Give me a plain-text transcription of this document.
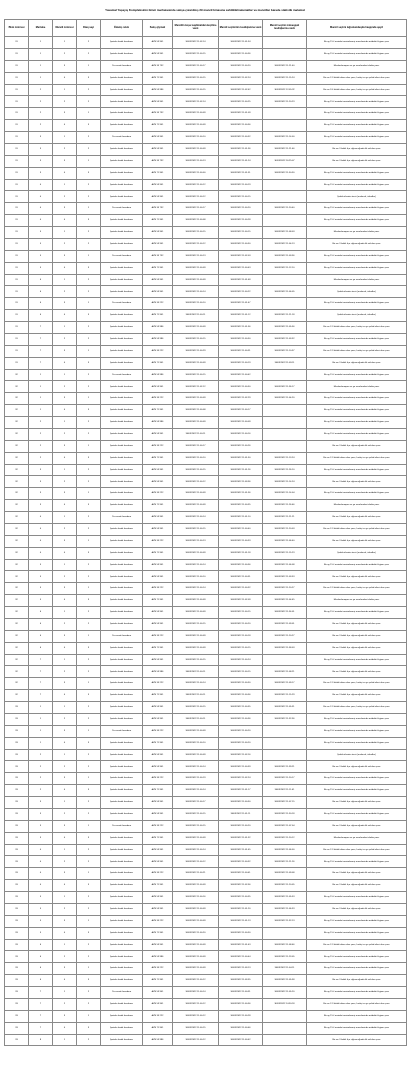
Yasamal Yaşayış Kompleksinin ikinci mərhələsində satışa çıxarılmış 29 mənzil binasına sahiblik/məlumatlar və mənzillər barədə statistik məlumat
Blok nömrəsi	Mərtəbə	Mənzil nömrəsi	Otaq sayı	Ödəniş növü	Satış qiyməti	Mənzilin koşa təqdimatdan keçilmə vaxtı	Mənzil seçiminin təsdiqlənmə vaxtı	Mənzil seçimi müvəqqəti təsdiqlənmə vaxtı	Mənzil seçimi ləğvolunduqda haqqında qeyd
31	1	1	2	İpoteka kredit hesabına	AZN 53 941	30/03/2022 11:02:14	30/03/2022 11:01:34		Bir ay 15 il ərzində tənzimlənmiş məsələsində müddəti ilişiyan şəxs
31	1	2	2	İpoteka kredit hesabına	AZN 53 941	30/03/2022 11:00:15	30/03/2022 11:00:36		Bir ay 15 il ərzində tənzimlənmiş məsələsində müddəti ilişiyan şəxs
31	1	3	1	Öz vəsaiti hesabına	AZN 35 732	30/03/2022 11:00:17	30/03/2022 11:00:20	30/03/2022 11:21:40	Mezlum/məqam və ya əvəzləndən tələbin pass
31	1	4	3	İpoteka kredit hesabına	AZN 71 941	30/03/2022 11:00:15	30/03/2022 11:02:24	30/03/2022 11:15:24	Bir azı 2-3 faktik təkinə olan şəxs, hərbçi və ya şəhid ailəsi olan şəxs
31	2	1	2	İpoteka kredit hesabına	AZN 53 986	30/03/2022 11:00:15	30/03/2022 11:02:42	30/03/2022 12:05:32	Bir azı 3-4 faktik təkinə olan şəxs, hərbçi və ya şəhid ailəsi olan şəxs
31	2	2	2	İpoteka kredit hesabına	AZN 53 941	30/03/2022 11:02:14	30/03/2022 11:00:25	30/03/2022 11:20:23	Bir ay 15 il ərzində tənzimlənmiş məsələsində müddəti ilişiyan şəxs
31	2	3	1	İpoteka kredit hesabına	AZN 35 732	30/03/2022 11:00:09	30/03/2022 11:01:09		Bir ay 15 il ərzində tənzimlənmiş məsələsində müddəti ilişiyan şəxs
31	2	4	3	İpoteka kredit hesabına	AZN 71 941	30/03/2022 11:00:09	30/03/2022 11:00:56		Bir ay 15 il ərzində tənzimlənmiş məsələsində müddəti ilişiyan şəxs
31	3	1	2	Öz vəsaiti hesabına	AZN 53 941	30/03/2022 11:00:10	30/03/2022 11:00:32	30/03/2022 11:14:00	Bir ay 15 il ərzində tənzimlənmiş məsələsində müddəti ilişiyan şəxs
31	3	2	2	İpoteka kredit hesabına	AZN 53 941	30/03/2022 11:00:09	30/03/2022 11:01:36	30/03/2022 11:21:46	Bir azı 3 faktik ilçə sığınacağında ilk aid olan şəxs
31	3	3	1	İpoteka kredit hesabına	AZN 35 732	30/03/2022 11:00:13	30/03/2022 11:01:24	30/03/2022 16:25:47	Bir azı 3 faktik ilçə sığınacağında ilk aid olan şəxs
31	3	4	3	İpoteka kredit hesabına	AZN 71 941	30/03/2022 11:00:00	30/03/2022 11:01:51	30/03/2022 11:50:30	Bir ay 15 il ərzində tənzimlənmiş məsələsində müddəti ilişiyan şəxs
31	4	1	2	İpoteka kredit hesabına	AZN 53 941	30/03/2022 11:00:12	30/03/2022 11:00:19		Bir ay 15 il ərzində tənzimlənmiş məsələsində müddəti ilişiyan şəxs
31	4	2	2	İpoteka kredit hesabına	AZN 53 941	30/03/2022 11:00:12	30/03/2022 11:00:15		Şəhid ailəsinin üzvü (arvlarsal, övladlar)
31	4	3	1	Öz vəsaiti hesabına	AZN 35 732	30/03/2022 11:00:17	30/03/2022 11:00:20	30/03/2022 11:20:40	Bir ay 15 il ərzində tənzimlənmiş məsələsində müddəti ilişiyan şəxs
31	4	4	3	İpoteka kredit hesabına	AZN 71 941	30/03/2022 11:00:08	30/03/2022 11:00:28		Bir ay 15 il ərzində tənzimlənmiş məsələsində müddəti ilişiyan şəxs
31	5	1	2	İpoteka kredit hesabına	AZN 53 941	30/03/2022 11:00:15	30/03/2022 11:00:15	30/03/2022 11:08:03	Mezlum/məqam və ya əvəzləndən tələbin pass
31	5	2	2	İpoteka kredit hesabına	AZN 53 941	30/03/2022 11:00:12	30/03/2022 11:00:50	30/03/2022 11:04:13	Bir azı 3 faktik ilçə sığınacağında ilk aid olan şəxs
31	5	3	1	Öz vəsaiti hesabına	AZN 35 732	30/03/2022 11:00:13	30/03/2022 11:02:03	30/03/2022 11:03:36	Bir ay 15 il ərzində tənzimlənmiş məsələsində müddəti ilişiyan şəxs
31	5	4	3	İpoteka kredit hesabına	AZN 71 941	30/03/2022 11:00:09	30/03/2022 11:00:43	30/03/2022 11:12:10	Bir ay 15 il ərzində tənzimlənmiş məsələsində müddəti ilişiyan şəxs
31	6	1	2	İpoteka kredit hesabına	AZN 53 941	30/03/2022 11:00:09	30/03/2022 11:01:48		Mezlum/məqam və ya əvəzləndən tələbin pass
31	6	2	2	İpoteka kredit hesabına	AZN 53 941	30/03/2022 11:00:14	30/03/2022 11:00:22	30/03/2022 11:06:05	Şəhid ailəsinin üzvü (arvlarsal, övladlar)
31	6	3	1	Öz vəsaiti hesabına	AZN 35 222	30/03/2022 11:00:10	30/03/2022 11:01:47		Bir ay 15 il ərzində tənzimlənmiş məsələsində müddəti ilişiyan şəxs
31	6	4	3	İpoteka kredit hesabına	AZN 71 941	30/03/2022 11:00:11	30/03/2022 11:01:12	30/03/2022 11:21:18	Şəhid ailəsinin üzvü (arvlarsal, övladlar)
31	7	1	2	İpoteka kredit hesabına	AZN 53 986	30/03/2022 11:00:09	30/03/2022 11:01:56	30/03/2022 11:05:56	Bir azı 2-3 faktik təkinə olan şəxs, hərbçi və ya şəhid ailəsi olan şəxs
31	7	2	2	İpoteka kredit hesabına	AZN 53 986	30/03/2022 11:00:15	30/03/2022 11:00:50	30/03/2022 11:03:32	Bir ay 15 il ərzində tənzimlənmiş məsələsində müddəti ilişiyan şəxs
31	7	3	1	İpoteka kredit hesabına	AZN 35 222	30/03/2022 11:00:29	30/03/2022 11:00:31	30/03/2022 11:10:37	Bir azı 2-3 faktik təkinə olan şəxs, hərbçi və ya şəhid ailəsi olan şəxs
31	7	4	3	İpoteka kredit hesabına	AZN 71 941	30/03/2022 11:00:09	30/03/2022 11:00:19	30/03/2022 11:09:11	Bir azı 3 faktik ilçə sığınacağında ilk aid olan şəxs
32	1	1	2	Öz vəsaiti hesabına	AZN 53 986	30/03/2022 11:00:15	30/03/2022 11:00:42		Bir ay 15 il ərzində tənzimlənmiş məsələsində müddəti ilişiyan şəxs
32	1	2	2	İpoteka kredit hesabına	AZN 53 941	30/03/2022 11:02:12	30/03/2022 11:00:50	30/03/2022 11:36:17	Mezlum/məqam və ya əvəzləndən tələbin pass
32	1	3	1	İpoteka kredit hesabına	AZN 35 222	30/03/2022 11:00:09	30/03/2022 11:02:29	30/03/2022 11:04:20	Bir ay 15 il ərzində tənzimlənmiş məsələsində müddəti ilişiyan şəxs
32	1	4	3	İpoteka kredit hesabına	AZN 71 941	30/03/2022 11:00:08	30/03/2022 11:00:17		Bir ay 15 il ərzində tənzimlənmiş məsələsində müddəti ilişiyan şəxs
32	2	1	2	İpoteka kredit hesabına	AZN 53 986	30/03/2022 11:00:09	30/03/2022 11:00:09		Bir ay 15 il ərzində tənzimlənmiş məsələsində müddəti ilişiyan şəxs
32	2	2	2	İpoteka kredit hesabına	AZN 53 941	30/03/2022 11:00:11	30/03/2022 11:00:16		Bir ay 15 il ərzində tənzimlənmiş məsələsində müddəti ilişiyan şəxs
32	2	3	1	İpoteka kredit hesabına	AZN 35 222	30/03/2022 11:00:17	30/03/2022 11:00:26		Bir azı 3 faktik ilçə sığınacağında ilk aid olan şəxs
32	2	4	3	İpoteka kredit hesabına	AZN 71 941	30/03/2022 11:00:10	30/03/2022 11:01:50	30/03/2022 11:13:24	Bir azı 2-3 faktik təkinə olan şəxs, hərbçi və ya şəhid ailəsi olan şəxs
32	3	1	2	İpoteka kredit hesabına	AZN 53 941	30/03/2022 11:00:15	30/03/2022 11:01:26	30/03/2022 11:26:10	Bir ay 15 il ərzində tənzimlənmiş məsələsində müddəti ilişiyan şəxs
32	3	2	2	İpoteka kredit hesabına	AZN 53 941	30/03/2022 11:00:12	30/03/2022 11:03:36	30/03/2022 11:14:24	Bir azı 3 faktik ilçə sığınacağında ilk aid olan şəxs
32	3	3	1	İpoteka kredit hesabına	AZN 35 222	30/03/2022 11:00:09	30/03/2022 11:01:36	30/03/2022 11:14:04	Bir ay 15 il ərzində tənzimlənmiş məsələsində müddəti ilişiyan şəxs
32	3	4	3	İpoteka kredit hesabına	AZN 71 941	30/03/2022 11:00:09	30/03/2022 11:00:35	30/03/2022 11:26:46	Mezlum/məqam və ya əvəzləndən tələbin pass
32	4	1	2	Öz vəsaiti hesabına	AZN 53 941	30/03/2022 11:00:14	30/03/2022 11:01:10	30/03/2022 11:21:21	Bir azı 3 faktik ilçə sığınacağında ilk aid olan şəxs
32	4	2	2	İpoteka kredit hesabına	AZN 53 941	30/03/2022 11:00:15	30/03/2022 11:00:40	30/03/2022 11:20:03	Bir azı 2-3 faktik təkinə olan şəxs, hərbçi və ya şəhid ailəsi olan şəxs
32	4	3	1	İpoteka kredit hesabına	AZN 35 222	30/03/2022 11:00:13	30/03/2022 11:00:33	30/03/2022 11:06:40	Bir azı 3 faktik ilçə sığınacağında ilk aid olan şəxs
32	4	4	3	İpoteka kredit hesabına	AZN 71 941	30/03/2022 11:00:09	30/03/2022 11:01:18	30/03/2022 11:15:23	Şəhid ailəsinin üzvü (arvlarsal, övladlar)
32	5	1	2	İpoteka kredit hesabına	AZN 53 941	30/03/2022 11:00:14	30/03/2022 11:00:56	30/03/2022 11:06:08	Bir ay 15 il ərzində tənzimlənmiş məsələsində müddəti ilişiyan şəxs
32	5	2	2	İpoteka kredit hesabına	AZN 53 941	30/03/2022 11:00:10	30/03/2022 11:00:51	30/03/2022 11:03:53	Bir azı 3 faktik ilçə sığınacağında ilk aid olan şəxs
32	5	3	1	İpoteka kredit hesabına	AZN 35 222	30/03/2022 11:00:14	30/03/2022 11:00:32	30/03/2022 11:20:27	Bir azı 2-3 faktik təkinə olan şəxs, hərbçi və ya şəhid ailəsi olan şəxs
32	5	4	3	İpoteka kredit hesabına	AZN 71 941	30/03/2022 11:00:09	30/03/2022 11:02:09	30/03/2022 11:04:45	Mezlum/məqam və ya əvəzləndən tələbin pass
32	6	1	2	İpoteka kredit hesabına	AZN 53 941	30/03/2022 11:00:09	30/03/2022 11:00:15	30/03/2022 11:34:01	Bir ay 15 il ərzində tənzimlənmiş məsələsində müddəti ilişiyan şəxs
32	6	2	2	İpoteka kredit hesabına	AZN 53 941	30/03/2022 11:00:15	30/03/2022 11:00:20	30/03/2022 11:09:01	Bir azı 3 faktik ilçə sığınacağında ilk aid olan şəxs
32	6	3	1	Öz vəsaiti hesabına	AZN 35 222	30/03/2022 11:00:09	30/03/2022 11:00:18	30/03/2022 11:20:27	Bir azı 3 faktik ilçə sığınacağında ilk aid olan şəxs
32	6	4	3	İpoteka kredit hesabına	AZN 71 941	30/03/2022 11:00:09	30/03/2022 11:00:15	30/03/2022 11:58:03	Bir azı 3 faktik ilçə sığınacağında ilk aid olan şəxs
32	7	1	2	İpoteka kredit hesabına	AZN 53 941	30/03/2022 11:00:15	30/03/2022 11:00:24		Bir ay 15 il ərzində tənzimlənmiş məsələsində müddəti ilişiyan şəxs
32	7	2	2	İpoteka kredit hesabına	AZN 53 986	30/03/2022 11:00:11	30/03/2022 11:00:15	30/03/2022 11:08:21	Bir azı 3 faktik ilçə sığınacağında ilk aid olan şəxs
32	7	3	1	İpoteka kredit hesabına	AZN 35 222	30/03/2022 11:00:14	30/03/2022 11:00:30	30/03/2022 11:09:17	Bir azı 2-3 faktik təkinə olan şəxs, hərbçi və ya şəhid ailəsi olan şəxs
32	7	4	3	İpoteka kredit hesabına	AZN 71 941	30/03/2022 11:00:11	30/03/2022 11:00:56	30/03/2022 11:15:29	Bir azı 3 faktik ilçə sığınacağında ilk aid olan şəxs
33	1	1	2	İpoteka kredit hesabına	AZN 53 941	30/03/2022 11:00:15	30/03/2022 11:00:55	30/03/2022 11:05:31	Bir azı 2-3 faktik təkinə olan şəxs, hərbçi və ya şəhid ailəsi olan şəxs
33	1	2	2	İpoteka kredit hesabına	AZN 53 941	30/03/2022 11:00:11	30/03/2022 11:00:36	30/03/2022 11:32:36	Bir ay 15 il ərzində tənzimlənmiş məsələsində müddəti ilişiyan şəxs
33	1	3	1	Öz vəsaiti hesabına	AZN 35 222	30/03/2022 11:00:09	30/03/2022 11:00:20		Bir ay 15 il ərzində tənzimlənmiş məsələsində müddəti ilişiyan şəxs
33	1	4	3	İpoteka kredit hesabına	AZN 71 941	30/03/2022 11:00:10	30/03/2022 11:00:20		Bir ay 15 il ərzində tənzimlənmiş məsələsində müddəti ilişiyan şəxs
33	2	1	2	İpoteka kredit hesabına	AZN 53 941	30/03/2022 11:00:09	30/03/2022 11:02:16		Şəhid ailəsinin üzvü (arvlarsal, övladlar)
33	2	2	2	İpoteka kredit hesabına	AZN 53 941	30/03/2022 11:00:14	30/03/2022 11:00:59	30/03/2022 11:39:21	Bir azı 3 faktik ilçə sığınacağında ilk aid olan şəxs
33	2	3	1	İpoteka kredit hesabına	AZN 35 222	30/03/2022 11:00:19	30/03/2022 11:02:24	30/03/2022 11:20:17	Bir ay 15 il ərzində tənzimlənmiş məsələsində müddəti ilişiyan şəxs
33	2	4	3	İpoteka kredit hesabına	AZN 71 941	30/03/2022 11:00:14	30/03/2022 11:01:17	30/03/2022 11:11:01	Bir ay 15 il ərzində tənzimlənmiş məsələsində müddəti ilişiyan şəxs
33	3	1	2	İpoteka kredit hesabına	AZN 53 941	30/03/2022 11:00:17	30/03/2022 11:00:50	30/03/2022 11:07:15	Bir azı 3 faktik ilçə sığınacağında ilk aid olan şəxs
33	3	2	2	İpoteka kredit hesabına	AZN 53 941	30/03/2022 11:00:15	30/03/2022 11:01:11	30/03/2022 11:30:18	Bir ay 15 il ərzində tənzimlənmiş məsələsində müddəti ilişiyan şəxs
33	3	3	1	Öz vəsaiti hesabına	AZN 35 222	30/03/2022 11:00:15	30/03/2022 11:00:20	30/03/2022 11:07:04	Bir azı 3 faktik ilçə sığınacağında ilk aid olan şəxs
33	3	4	3	İpoteka kredit hesabına	AZN 71 941	30/03/2022 11:00:09	30/03/2022 11:01:32	30/03/2022 11:20:12	Mezlum/məqam və ya əvəzləndən tələbin pass
33	4	1	2	İpoteka kredit hesabına	AZN 53 941	30/03/2022 11:00:14	30/03/2022 11:01:45	30/03/2022 11:06:00	Bir azı 2-3 faktik təkinə olan şəxs, hərbçi və ya şəhid ailəsi olan şəxs
33	4	2	2	İpoteka kredit hesabına	AZN 53 941	30/03/2022 11:00:12	30/03/2022 11:00:32	30/03/2022 11:21:26	Bir ay 15 il ərzində tənzimlənmiş məsələsində müddəti ilişiyan şəxs
33	4	3	1	İpoteka kredit hesabına	AZN 35 222	30/03/2022 11:00:21	30/03/2022 11:00:41	30/03/2022 11:09:08	Bir azı 3 faktik ilçə sığınacağında ilk aid olan şəxs
33	4	4	3	İpoteka kredit hesabına	AZN 71 941	30/03/2022 11:00:09	30/03/2022 11:02:56	30/03/2022 11:20:05	Bir azı 3 faktik ilçə sığınacağında ilk aid olan şəxs
33	5	1	2	İpoteka kredit hesabına	AZN 53 941	30/03/2022 11:00:16	30/03/2022 11:00:35	30/03/2022 11:05:53	Bir ay 15 il ərzində tənzimlənmiş məsələsində müddəti ilişiyan şəxs
33	5	2	2	İpoteka kredit hesabına	AZN 53 941	30/03/2022 11:00:09	30/03/2022 11:01:20	30/03/2022 11:06:33	Bir azı 3 faktik ilçə sığınacağında ilk aid olan şəxs
33	5	3	1	İpoteka kredit hesabına	AZN 35 222	30/03/2022 11:00:09	30/03/2022 11:01:13	30/03/2022 11:32:13	Bir ay 15 il ərzində tənzimlənmiş məsələsində müddəti ilişiyan şəxs
33	5	4	3	İpoteka kredit hesabına	AZN 71 941	30/03/2022 11:00:20	30/03/2022 11:00:30		Bir ay 15 il ərzində tənzimlənmiş məsələsində müddəti ilişiyan şəxs
33	6	1	2	İpoteka kredit hesabına	AZN 53 941	30/03/2022 11:00:09	30/03/2022 11:01:43	30/03/2022 11:08:46	Bir azı 2-3 faktik təkinə olan şəxs, hərbçi və ya şəhid ailəsi olan şəxs
33	6	2	2	İpoteka kredit hesabına	AZN 53 986	30/03/2022 11:00:09	30/03/2022 11:00:44	30/03/2022 11:23:05	Bir ay 15 il ərzində tənzimlənmiş məsələsində müddəti ilişiyan şəxs
33	6	3	1	İpoteka kredit hesabına	AZN 35 222	30/03/2022 11:00:09	30/03/2022 11:03:13	30/03/2022 11:04:11	Bir ay 15 il ərzində tənzimlənmiş məsələsində müddəti ilişiyan şəxs
33	6	4	3	İpoteka kredit hesabına	AZN 71 941	30/03/2022 11:00:12	30/03/2022 11:03:55	30/03/2022 11:05:58	Bir azı 3 faktik ilçə sığınacağında ilk aid olan şəxs
33	7	1	2	Öz vəsaiti hesabına	AZN 53 941	30/03/2022 11:00:14	30/03/2022 11:00:31	30/03/2022 11:05:20	Bir ay 15 il ərzində tənzimlənmiş məsələsində müddəti ilişiyan şəxs
33	7	2	2	İpoteka kredit hesabına	AZN 53 941	30/03/2022 11:00:12	30/03/2022 11:00:56	30/03/2022 14:30:18	Bir azı 2-3 faktik təkinə olan şəxs, hərbçi və ya şəhid ailəsi olan şəxs
33	7	3	1	İpoteka kredit hesabına	AZN 35 222	30/03/2022 11:00:12	30/03/2022 11:00:28		Bir ay 15 il ərzində tənzimlənmiş məsələsində müddəti ilişiyan şəxs
33	7	4	3	İpoteka kredit hesabına	AZN 71 941	30/03/2022 11:00:15	30/03/2022 11:00:46		Bir ay 15 il ərzində tənzimlənmiş məsələsində müddəti ilişiyan şəxs
33	8	1	2	İpoteka kredit hesabına	AZN 53 986	30/03/2022 11:00:12	30/03/2022 11:00:42		Bir azı 3 faktik ilçə sığınacağında ilk aid olan şəxs
